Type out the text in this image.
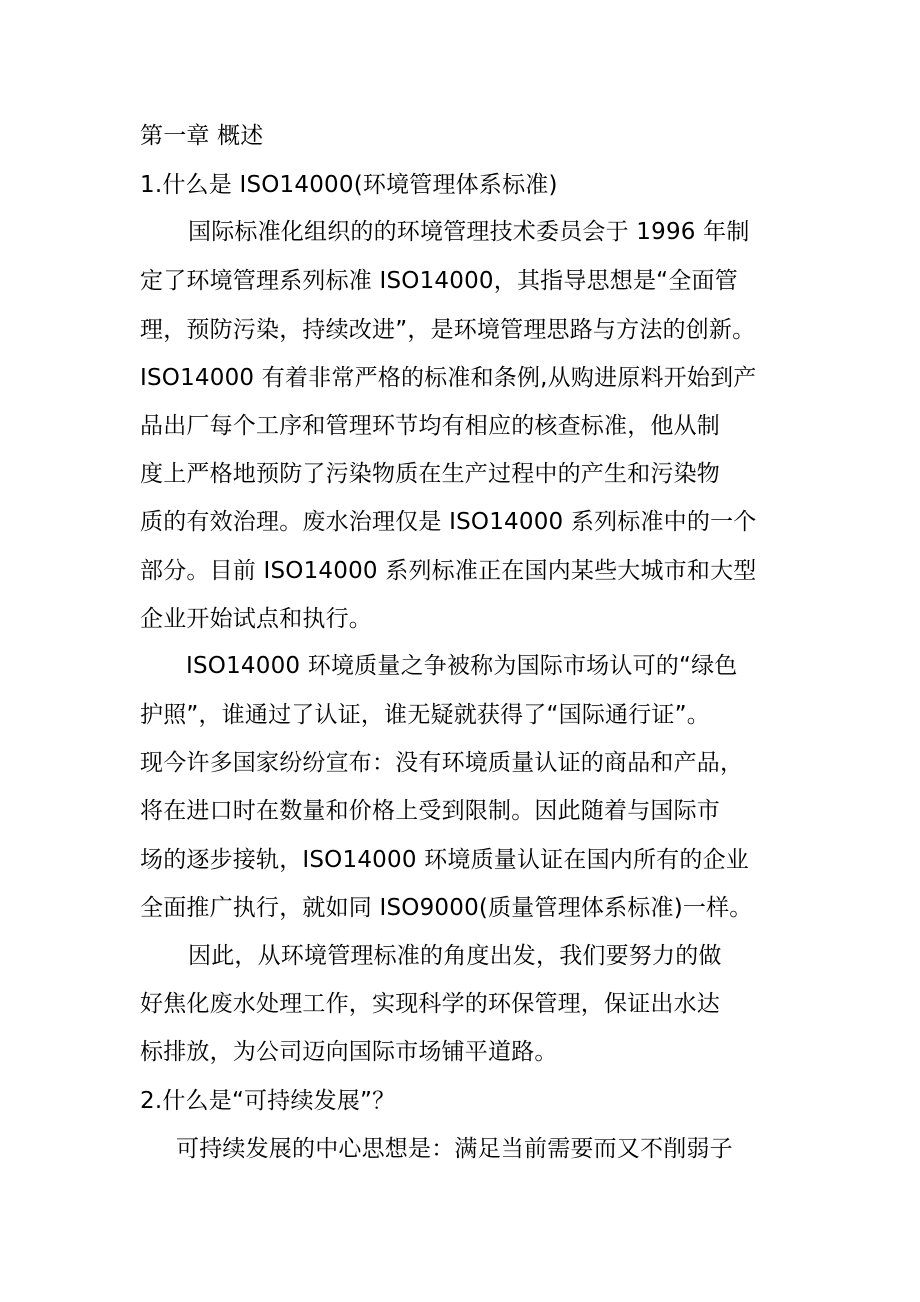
第一章 概述
1.什么是 ISO14000(环境管理体系标准)
国际标准化组织的的环境管理技术委员会于 1996 年制
定了环境管理系列标准 ISO14000，其指导思想是“全面管
理，预防污染，持续改进”，是环境管理思路与方法的创新。
ISO14000 有着非常严格的标准和条例,从购进原料开始到产
品出厂每个工序和管理环节均有相应的核查标准，他从制
度上严格地预防了污染物质在生产过程中的产生和污染物
质的有效治理。废水治理仅是 ISO14000 系列标准中的一个
部分。目前 ISO14000 系列标准正在国内某些大城市和大型
企业开始试点和执行。
ISO14000 环境质量之争被称为国际市场认可的“绿色
护照”，谁通过了认证，谁无疑就获得了“国际通行证”。
现今许多国家纷纷宣布：没有环境质量认证的商品和产品，
将在进口时在数量和价格上受到限制。因此随着与国际市
场的逐步接轨，ISO14000 环境质量认证在国内所有的企业
全面推广执行，就如同 ISO9000(质量管理体系标准)一样。
因此，从环境管理标准的角度出发，我们要努力的做
好焦化废水处理工作，实现科学的环保管理，保证出水达
标排放，为公司迈向国际市场铺平道路。
2.什么是“可持续发展”？
可持续发展的中心思想是：满足当前需要而又不削弱子
